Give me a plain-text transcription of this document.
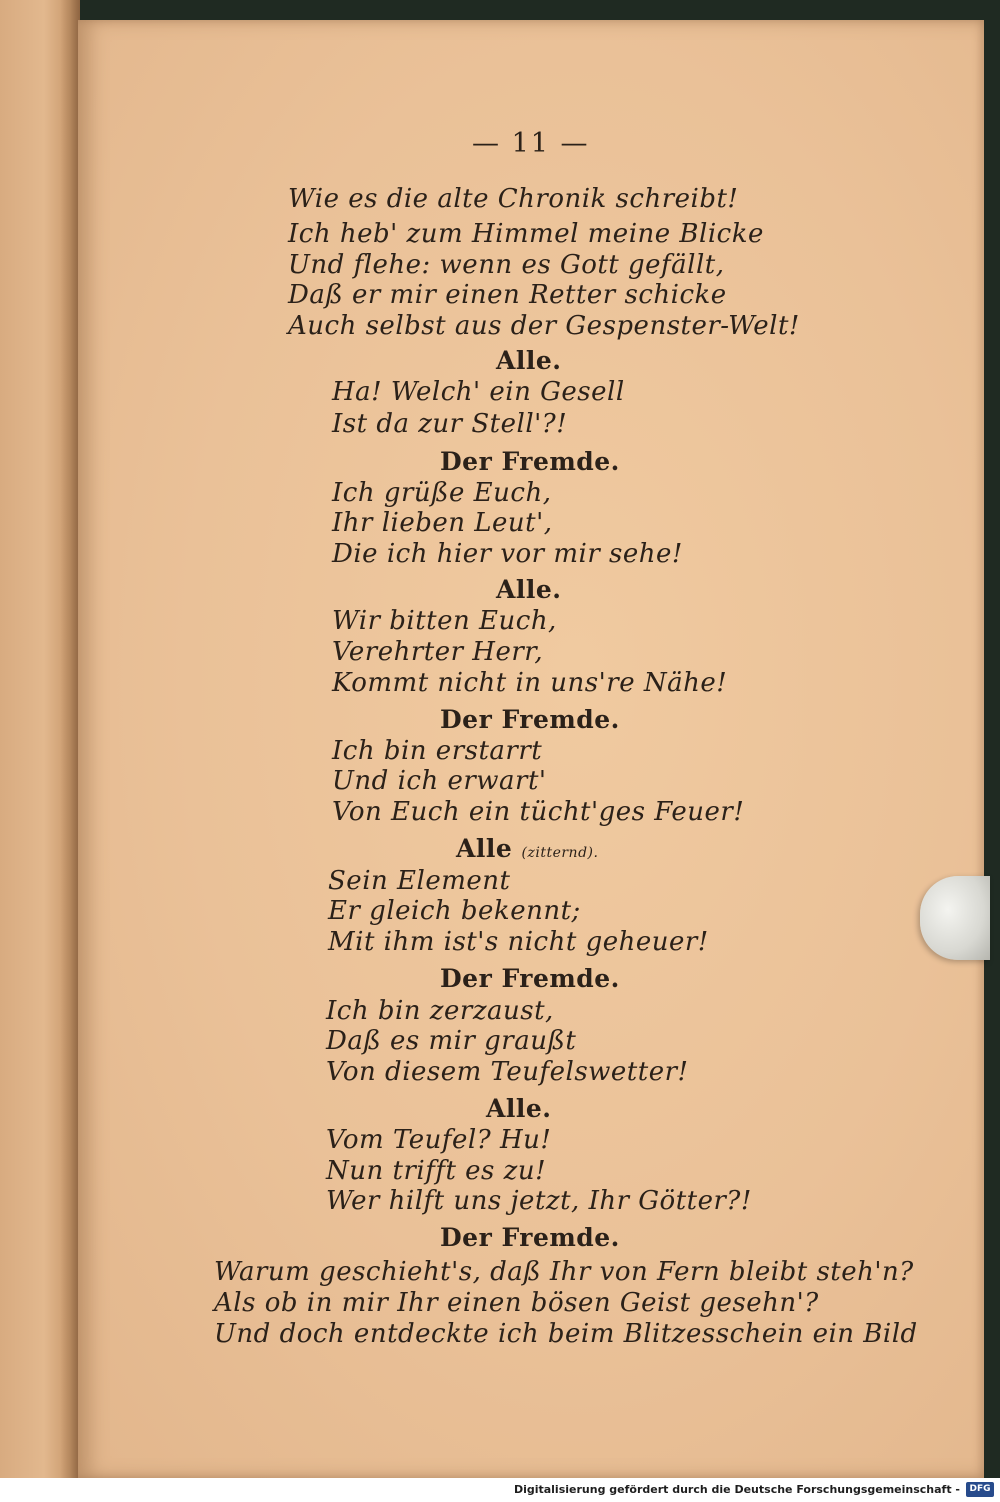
— 11 —
Wie es die alte Chronik schreibt!
Ich heb' zum Himmel meine Blicke
Und flehe: wenn es Gott gefällt,
Daß er mir einen Retter schicke
Auch selbst aus der Gespenster-Welt!
Alle.
Ha! Welch' ein Gesell
Ist da zur Stell'?!
Der Fremde.
Ich grüße Euch,
Ihr lieben Leut',
Die ich hier vor mir sehe!
Alle.
Wir bitten Euch,
Verehrter Herr,
Kommt nicht in uns're Nähe!
Der Fremde.
Ich bin erstarrt
Und ich erwart'
Von Euch ein tücht'ges Feuer!
Alle (zitternd).
Sein Element
Er gleich bekennt;
Mit ihm ist's nicht geheuer!
Der Fremde.
Ich bin zerzaust,
Daß es mir graußt
Von diesem Teufelswetter!
Alle.
Vom Teufel? Hu!
Nun trifft es zu!
Wer hilft uns jetzt, Ihr Götter?!
Der Fremde.
Warum geschieht's, daß Ihr von Fern bleibt steh'n?
Als ob in mir Ihr einen bösen Geist gesehn'?
Und doch entdeckte ich beim Blitzesschein ein Bild
Digitalisierung gefördert durch die Deutsche Forschungsgemeinschaft -	DFG
